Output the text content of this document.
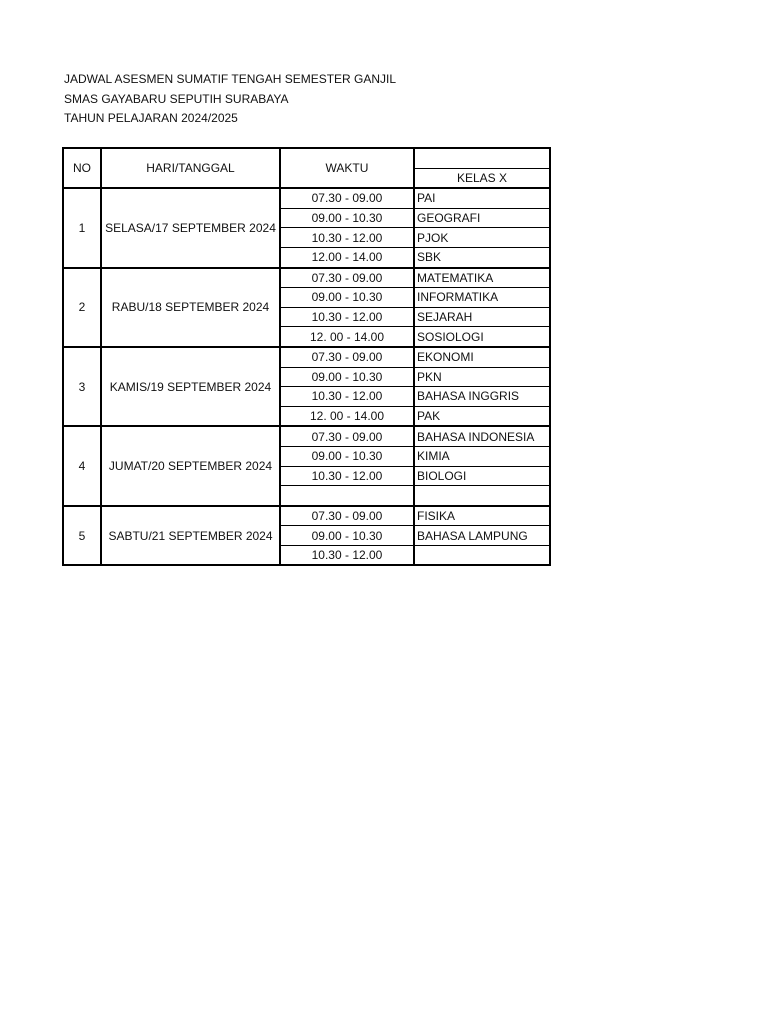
JADWAL ASESMEN SUMATIF TENGAH SEMESTER GANJIL
SMAS GAYABARU SEPUTIH SURABAYA
TAHUN PELAJARAN 2024/2025
NO	HARI/TANGGAL	WAKTU	
			KELAS X
1	SELASA/17 SEPTEMBER 2024	07.30 - 09.00	PAI
		09.00 - 10.30	GEOGRAFI
		10.30 - 12.00	PJOK
		12.00 - 14.00	SBK
2	RABU/18 SEPTEMBER 2024	07.30 - 09.00	MATEMATIKA
		09.00 - 10.30	INFORMATIKA
		10.30 - 12.00	SEJARAH
		12. 00 - 14.00	SOSIOLOGI
3	KAMIS/19 SEPTEMBER 2024	07.30 - 09.00	EKONOMI
		09.00 - 10.30	PKN
		10.30 - 12.00	BAHASA INGGRIS
		12. 00 - 14.00	PAK
4	JUMAT/20 SEPTEMBER 2024	07.30 - 09.00	BAHASA INDONESIA
		09.00 - 10.30	KIMIA
		10.30 - 12.00	BIOLOGI

5	SABTU/21 SEPTEMBER 2024	07.30 - 09.00	FISIKA
		09.00 - 10.30	BAHASA LAMPUNG
		10.30 - 12.00	
